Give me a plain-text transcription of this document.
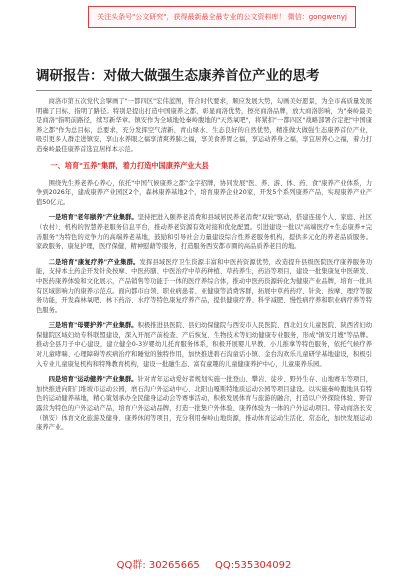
关注头条号"公文研究"，获得最新最全最专业的公文资料库！ 微信：gongwenyj
调研报告：对做大做强生态康养首位产业的思考

商洛市第五次党代会擘画了"一都四区"宏伟蓝图，符合时代要求，顺应发展大势，勾画美好愿景，为全市高质量发展明确了目标、指明了路径。特别是提出打造中国康养之都，彰显商洛优势，擦亮商洛品牌，放大商洛影响，为"秦岭最美是商洛"指明前路径，续写新华章。镇安作为全域地处秦岭腹地的"天然氧吧"，将紧扣"一都四区"战略部署合定把"中国康养之都"作为总目标，总要求，充分发挥空气清新、青山绿水、生态良好的自然优势，精准做大做强生态康养首位产业，吸引更多人群走进镇安，享山水养眼之福享清爽养肺之福，享美食养胃之福，享运动养身之福，享宜居养心之福，着力打造秦岭最佳康养首选宜居样本示范。

一、培育"五养"集群，着力打造中国康养产业大县

围绕先生养老养心养心，依托"中国气候康养之都"金字招牌，协同发展"医、养、游、体、药、食"康养产业体系，力争到2026年，建成康养产业园区2个，森林康养基地2个，培育康养企业20家，开发5个系列康养产品，实现康养产业产值50亿元。

一是培育"老年颐养"产业集群。坚持把进入颐养老消费和县域居民养老消费"双轮"驱动，搭建连接个人、家庭、社区（农村）、机构的智慧养老服务信息平台，推动养老资源有效对接和优化配置。引进建设一批以"高端医疗+生态康养+完善服务"为特色的竞争力的高端养老基地，鼓励和引导社会力量建设综合性养老服务机构，提供多元化的养老品质服务。家政服务，康复护理，医疗保健，精神慰藉等服务，打造服务西安都市圈的高品质养老目的地。

二是培育"康复疗养"产业集群。发挥县域医疗卫生资源丰富和中医药资源优势，改造提升县级医院医疗康养服务功能，支持本土药企开发针灸按摩、中医药膳、中医治疗中草药种植、草药养生，药浴等项目，建设一批集康复中医研发、中医药康养体验和文化展示，产品销售等功能于一体的医疗养综合体，推动中医药资源转化为健康产业品牌，培育一批具有区域影响力的康养示范点。面向都市白领、职业病患者、亚健康等消费客群，拓展中草药药疗、针灸、按摩、理疗等服务功能，开发森林氧吧、林下药浴、水疗等特色康复疗养产品，提供健康疗养、科学减肥、慢性病疗养和职业病疗养等特色服务。

三是培育"母婴护养"产业集群。积极推进县医院、县妇幼保健院与西安市人民医院、西北妇女儿童医院、陕西省妇幼保健院区域妇幼专科联盟建设，深入开展产前检查、产后恢复、生物技术等妇幼健康专业服务，形成"镇安月嫂"等品牌。推动全县月子中心建设，建立健全0-3岁婴幼儿托育服务体系，积极开展婴儿早教、小儿推拿等特色服务，依托气候疗养对儿童哮喘、心理障碍等疾病治疗和睡觉的独特作用，加快推进碧石沟童话小镇、金台沟欢乐儿童研学基地建设，积极引入专业儿童康复机构和特殊教育机构，建设一批融生态、富有童趣的儿童健康养护中心，儿童康养乐园。

四是培育"运动健养"产业集群。针对青年运动爱好者规划实施一批登山、攀岩、徒步、野外生存、山地赛车等项目，加快推进向阳门堆坡市运动公园，磨石沟户外运动中心、北阳山嘎斯特地质运动公园等项目建设。以实施秦岭腹地具有特色的运动健养基地，精心策划承办全民健身运动会等赛事活动，积极发展体育与旅游的融合，打造以户外探险体验、野营露营为特色的户外运动产品，培育户外运动品牌，打造一批集户外体验、康养体验为一体的户外运动项目。带动商洛长安（镇安）体育文化旅游及健身、康养休闲等项目，充分利用秦岭山地资源，推动体育运动生活化、常态化，加快发展运动康养产业。

QQ群: 30265665 QQ:535304092
